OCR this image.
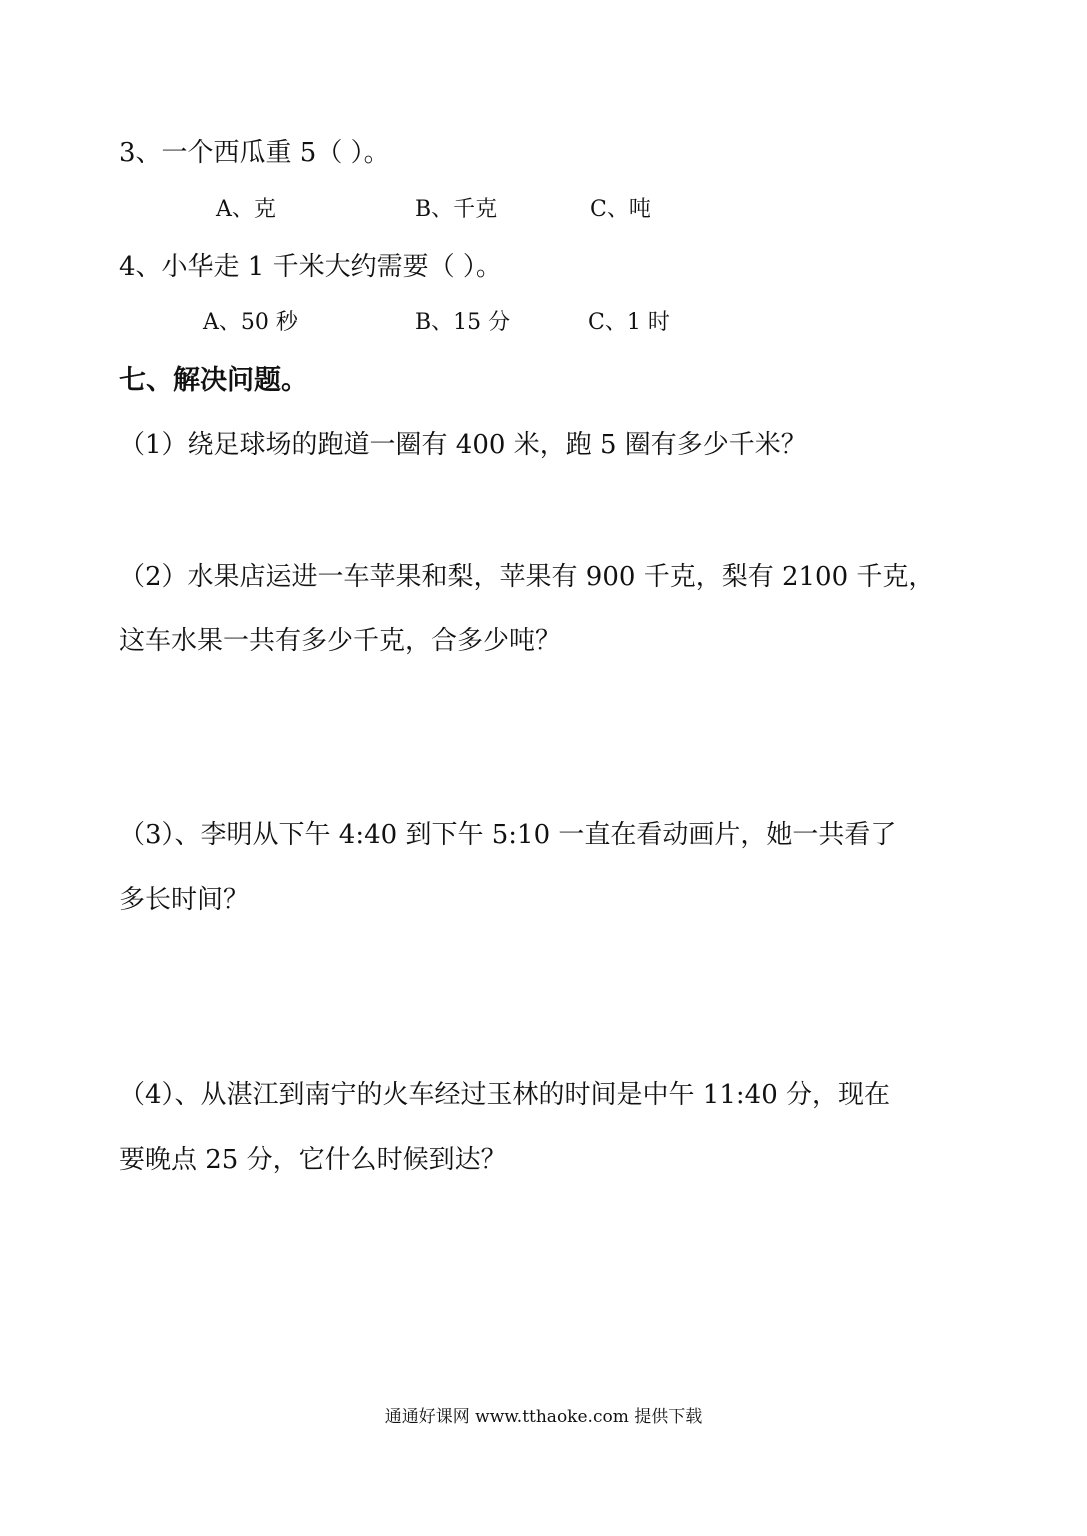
3、一个西瓜重 5（ ）。
A、克	B、千克	C、吨
4、小华走 1 千米大约需要（ ）。
A、50 秒	B、15 分	C、1 时
七、解决问题。
（1）绕足球场的跑道一圈有 400 米，跑 5 圈有多少千米？
（2）水果店运进一车苹果和梨，苹果有 900 千克，梨有 2100 千克，
这车水果一共有多少千克，合多少吨？
（3）、李明从下午 4:40 到下午 5:10 一直在看动画片，她一共看了
多长时间？
（4）、从湛江到南宁的火车经过玉林的时间是中午 11:40 分，现在
要晚点 25 分，它什么时候到达？
通通好课网 www.tthaoke.com 提供下载
